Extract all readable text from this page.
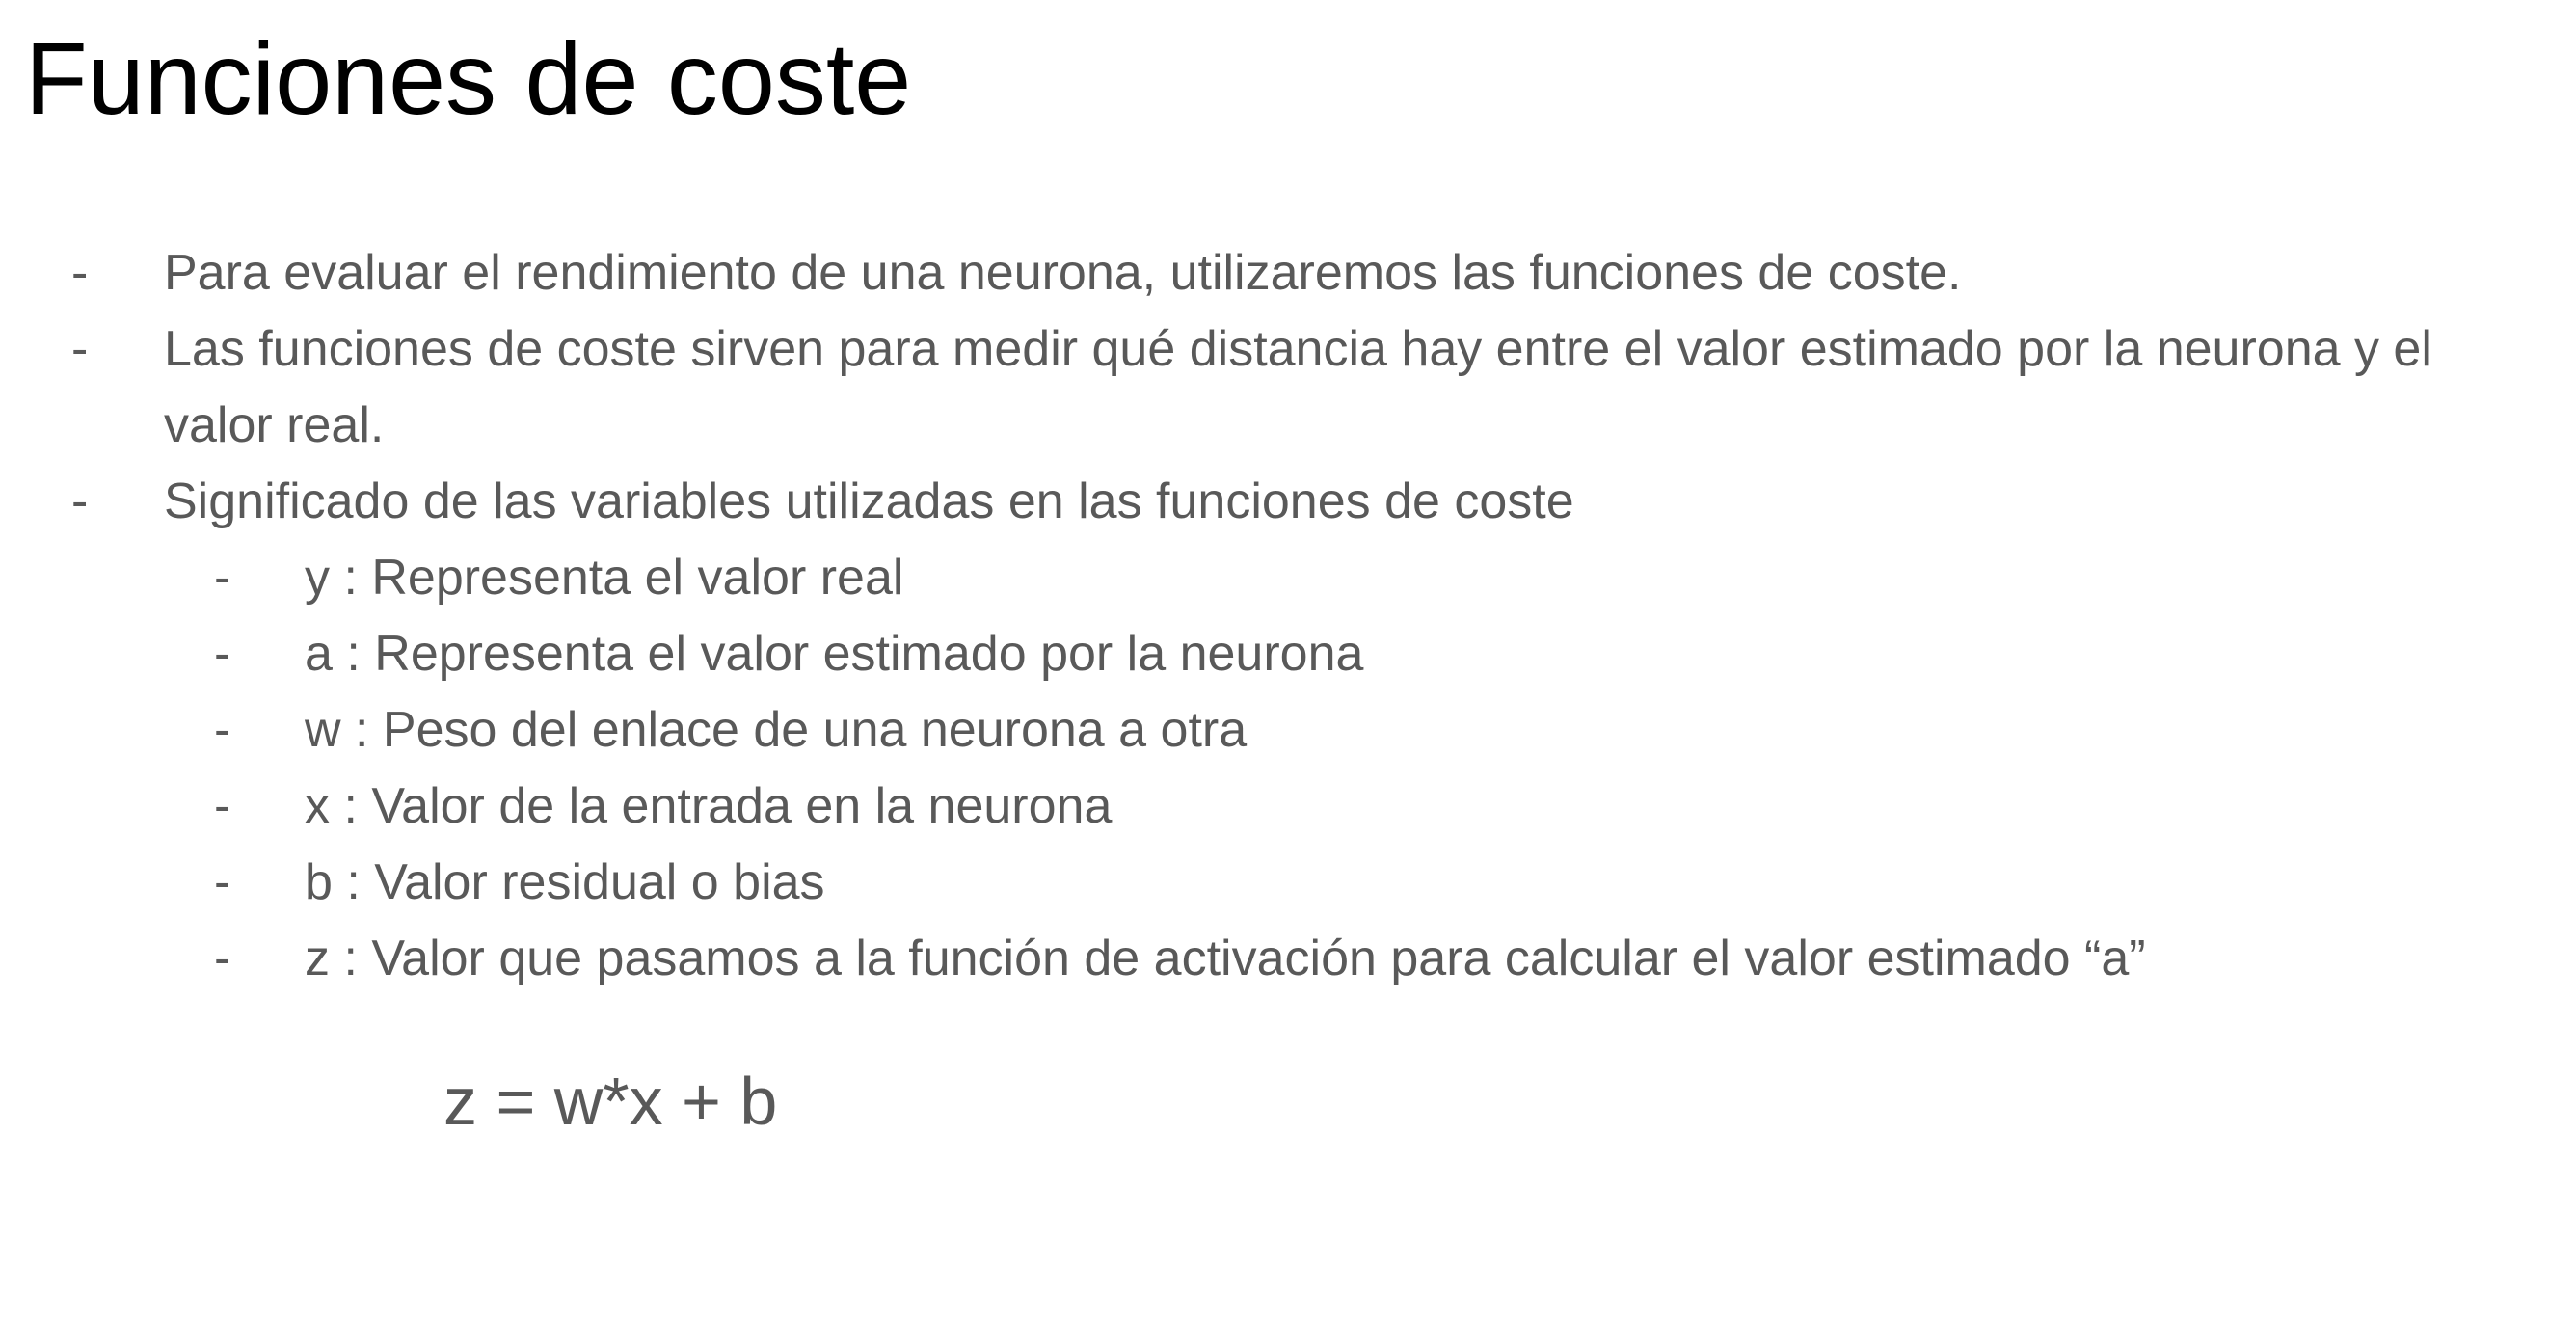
Funciones de coste
- Para evaluar el rendimiento de una neurona, utilizaremos las funciones de coste.
- Las funciones de coste sirven para medir qué distancia hay entre el valor estimado por la neurona y el valor real.
- Significado de las variables utilizadas en las funciones de coste
- y : Representa el valor real
- a : Representa el valor estimado por la neurona
- w : Peso del enlace de una neurona a otra
- x : Valor de la entrada en la neurona
- b : Valor residual o bias
- z : Valor que pasamos a la función de activación para calcular el valor estimado “a”
z = w*x + b
